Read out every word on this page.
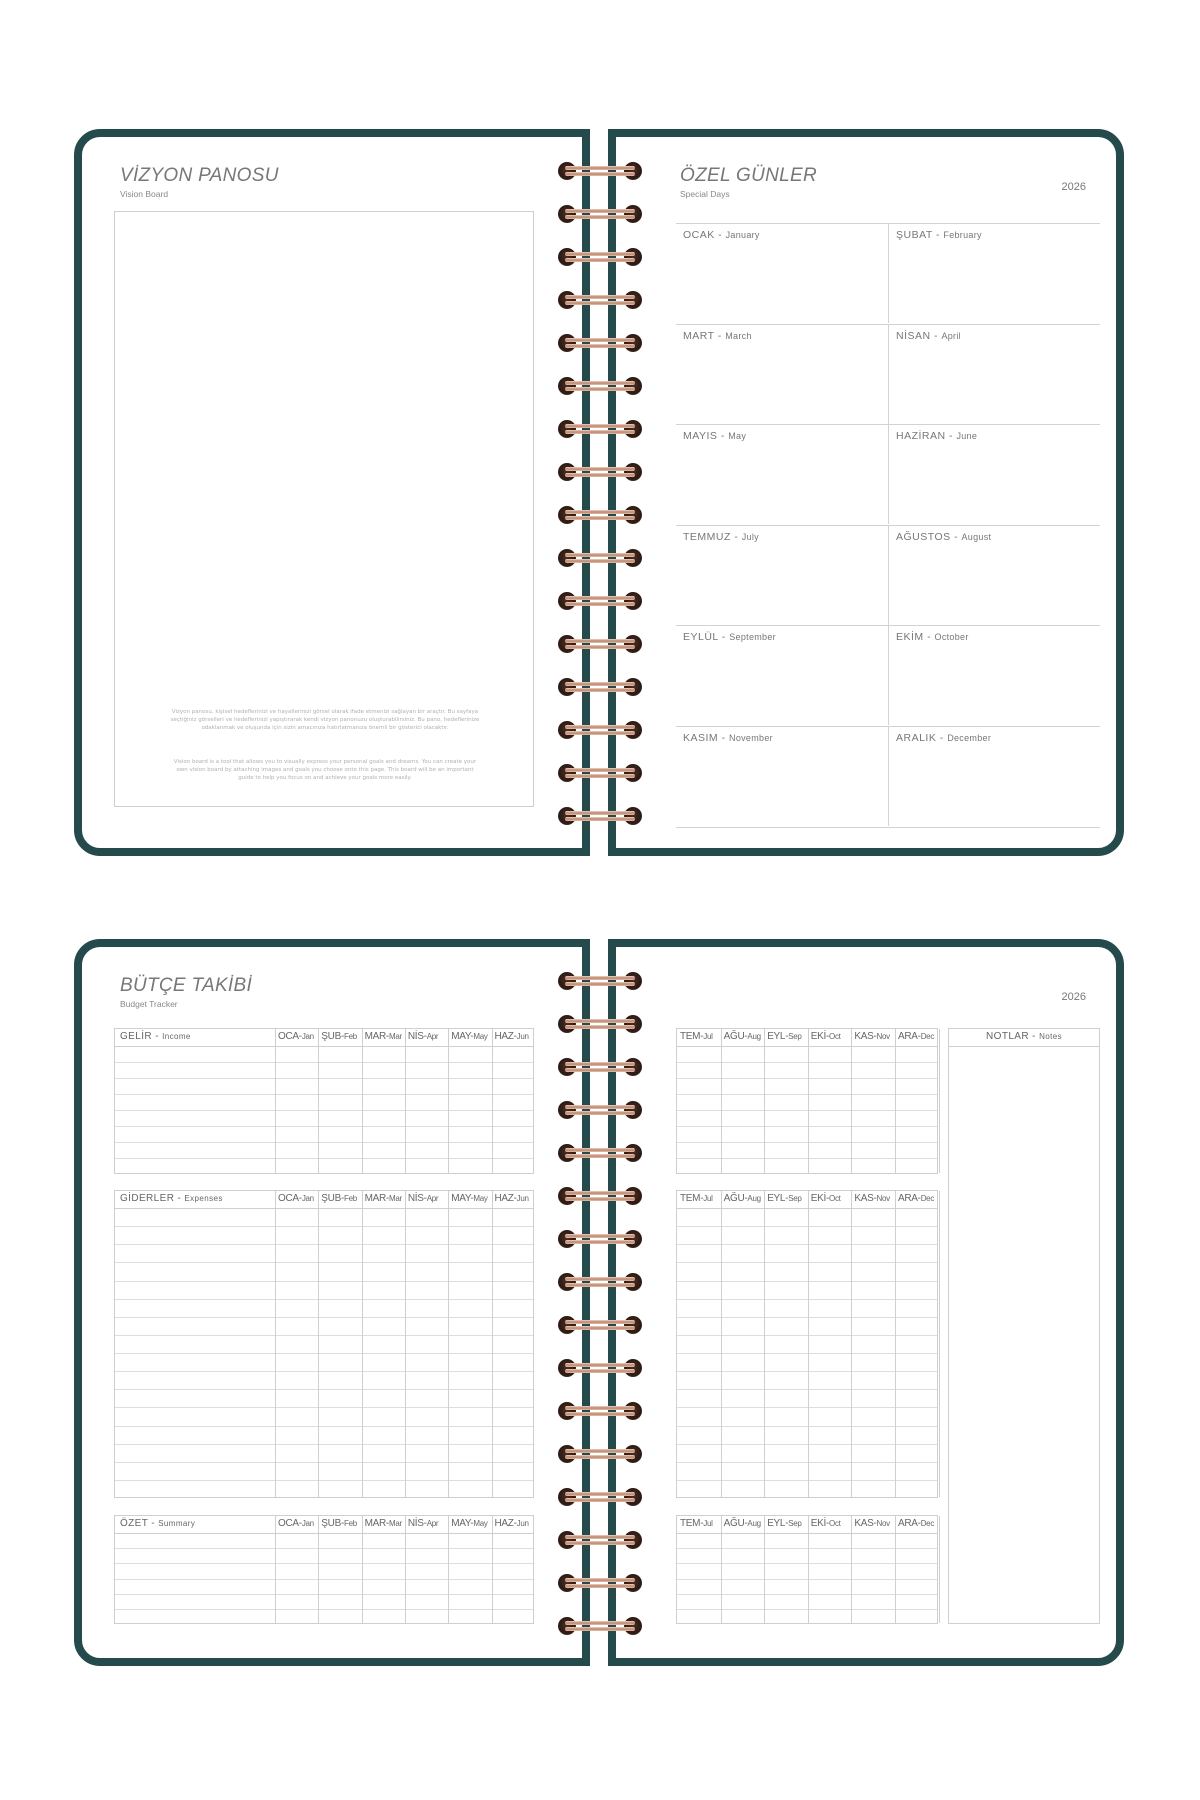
VİZYON PANOSU
Vision Board
Vizyon panosu, kişisel hedeflerinizi ve hayallerinizi görsel olarak ifade etmenizi sağlayan bir araçtır. Bu sayfaya seçtiğiniz görselleri ve hedeflerinizi yapıştırarak kendi vizyon panonuzu oluşturabilirsiniz. Bu pano, hedeflerinize odaklanmak ve oluşunda için sizin amacınıza hatırlatmanıza önemli bir gösterici olacaktır.
Vision board is a tool that allows you to visually express your personal goals and dreams. You can create your own vision board by attaching images and goals you choose onto this page. This board will be an important guide to help you focus on and achieve your goals more easily.
ÖZEL GÜNLER
Special Days
2026
OCAK - January	ŞUBAT - February
MART - March	NİSAN - April
MAYIS - May	HAZİRAN - June
TEMMUZ - July	AĞUSTOS - August
EYLÜL - September	EKİM - October
KASIM - November	ARALIK - December
BÜTÇE TAKİBİ
Budget Tracker
GELİR - Income	OCA-Jan ŞUB-Feb MAR-Mar NİS-Apr MAY-May HAZ-Jun
GİDERLER - Expenses	OCA-Jan ŞUB-Feb MAR-Mar NİS-Apr MAY-May HAZ-Jun
ÖZET - Summary	OCA-Jan ŞUB-Feb MAR-Mar NİS-Apr MAY-May HAZ-Jun
2026
TEM-Jul AĞU-Aug EYL-Sep EKİ-Oct KAS-Nov ARA-Dec
TEM-Jul AĞU-Aug EYL-Sep EKİ-Oct KAS-Nov ARA-Dec
TEM-Jul AĞU-Aug EYL-Sep EKİ-Oct KAS-Nov ARA-Dec
NOTLAR - Notes
